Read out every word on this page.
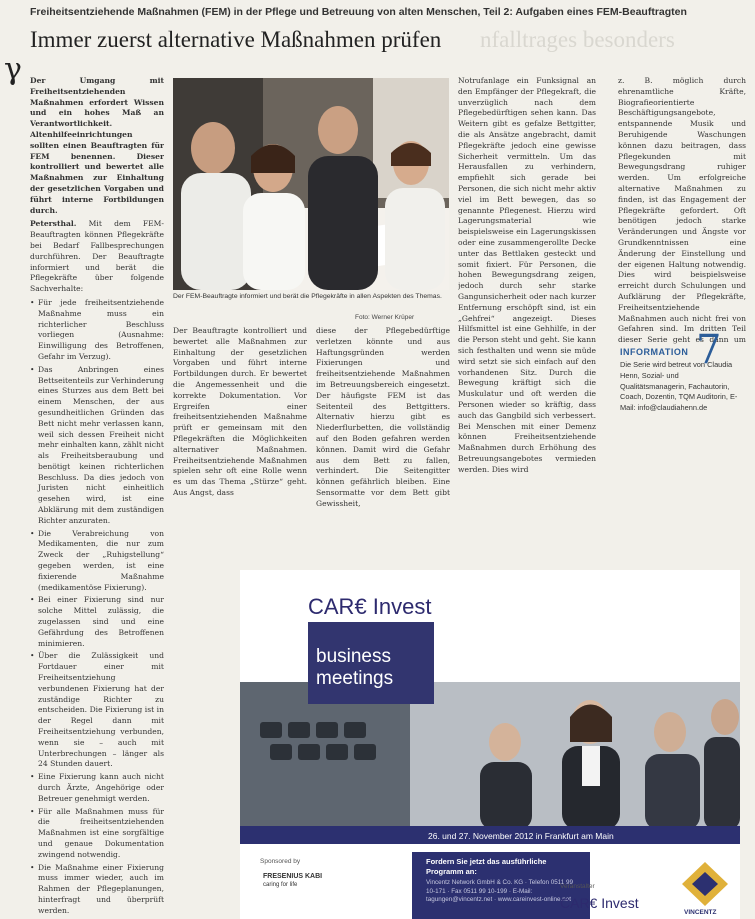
Freiheitsentziehende Maßnahmen (FEM) in der Pflege und Betreuung von alten Menschen, Teil 2: Aufgaben eines FEM-Beauftragten
Immer zuerst alternative Maßnahmen prüfen nfalltrages besonders
γ Der Umgang mit Freiheitsentziehenden Maßnahmen erfordert Wissen und ein hohes Maß an Verantwortlichkeit. Altenhilfeeinrichtungen sollten einen Beauftragten für FEM benennen. Dieser kontrolliert und bewertet alle Maßnahmen zur Einhaltung der gesetzlichen Vorgaben und führt interne Fortbildungen durch.

Petersthal. Mit dem FEM-Beauftragten können Pflegekräfte bei Bedarf Fallbesprechungen durchführen. Der Beauftragte informiert und berät die Pflegekräfte über folgende Sachverhalte:

• Für jede freiheitsentziehende Maßnahme muss ein richterlicher Beschluss vorliegen (Ausnahme: Einwilligung des Betroffenen, Gefahr im Verzug).
• Das Anbringen eines Bettseitenteils zur Verhinderung eines Sturzes aus dem Bett bei einem Menschen, der aus gesundheitlichen Gründen das Bett nicht mehr verlassen kann, weil sich dessen Freiheit nicht mehr einhalten kann, zählt nicht als Freiheitsberaubung und benötigt keinen richterlichen Beschluss. Da dies jedoch von Juristen nicht einheitlich gesehen wird, ist eine Abklärung mit dem zuständigen Richter anzuraten.
• Die Verabreichung von Medikamenten, die nur zum Zweck der „Ruhigstellung“ gegeben werden, ist eine fixierende Maßnahme (medikamentöse Fixierung).
• Bei einer Fixierung sind nur solche Mittel zulässig, die zugelassen sind und eine Gefährdung des Betroffenen minimieren.
• Über die Zulässigkeit und Fortdauer einer mit Freiheitsentziehung verbundenen Fixierung hat der zuständige Richter zu entscheiden. Die Fixierung ist in der Regel dann mit Freiheitsentziehung verbunden, wenn sie – auch mit Unterbrechungen – länger als 24 Stunden dauert.
• Eine Fixierung kann auch nicht durch Ärzte, Angehörige oder Betreuer genehmigt werden.
• Für alle Maßnahmen muss für die freiheitsentziehenden Maßnahmen ist eine sorgfältige und genaue Dokumentation zwingend notwendig.
• Die Maßnahme einer Fixierung muss immer wieder, auch im Rahmen der Pflegeplanungen, hinterfragt und überprüft werden.
Der FEM-Beauftragte informiert und berät die Pflegekräfte in allen Aspekten des Themas.
Foto: Werner Krüper
Der Beauftragte kontrolliert und bewertet alle Maßnahmen zur Einhaltung der gesetzlichen Vorgaben und führt interne Fortbildungen durch. Er bewertet die Angemessenheit und die korrekte Dokumentation. Vor Ergreifen einer freiheitsentziehenden Maßnahme prüft er gemeinsam mit den Pflegekräften die Möglichkeiten alternativer Maßnahmen. Freiheitsentziehende Maßnahmen spielen sehr oft eine Rolle wenn es um das Thema „Stürze“ geht. Aus Angst, dass
diese der Pflegebedürftige verletzen könnte und aus Haftungsgründen werden Fixierungen und freiheitsentziehende Maßnahmen im Betreuungsbereich eingesetzt. Der häufigste FEM ist das Seitenteil des Bettgitters. Alternativ hierzu gibt es Niederflurbetten, die vollständig auf den Boden gefahren werden können. Damit wird die Gefahr aus dem Bett zu fallen, verhindert. Die Seitengitter können gefährlich bleiben. Eine Sensormatte vor dem Bett gibt Gewissheit,
Notrufanlage ein Funksignal an den Empfänger der Pflegekraft, die unverzüglich nach dem Pflegebedürftigen sehen kann. Das Weitern gibt es gefalze Bettgitter, die als Ansätze angebracht, damit Pflegekräfte jedoch eine gewisse Sicherheit vermitteln. Um das Herausfallen zu verhindern, empfiehlt sich gerade bei Personen, die sich nicht mehr aktiv viel im Bett bewegen, das so genannte Pflegenest. Hierzu wird Lagerungsmaterial wie beispielsweise ein Lagerungskissen oder eine zusammengerollte Decke unter das Bettlaken gesteckt und somit fixiert. Für Personen, die hohen Bewegungsdrang zeigen, jedoch durch sehr starke Gangunsicherheit oder nach kurzer Entfernung erschöpft sind, ist ein „Gehfrei“ angezeigt. Dieses Hilfsmittel ist eine Gehhilfe, in der die Person steht und geht. Sie kann sich festhalten und wenn sie müde wird setzt sie sich einfach auf den vorhandenen Sitz. Durch die Bewegung kräftigt sich die Muskulatur und oft werden die Personen wieder so kräftig, dass auch das Gangbild sich verbessert. Bei Menschen mit einer Demenz können Freiheitsentziehende Maßnahmen durch Erhöhung des Betreuungsangebotes vermieden werden. Dies wird
z. B. möglich durch ehrenamtliche Kräfte, Biografieorientierte Beschäftigungsangebote, entspannende Musik und Beruhigende Waschungen können dazu beitragen, dass Pflegekunden mit Bewegungsdrang ruhiger werden. Um erfolgreiche alternative Maßnahmen zu finden, ist das Engagement der Pflegekräfte gefordert. Oft benötigen jedoch starke Veränderungen und Ängste vor Grundkenntnissen eine Änderung der Einstellung und der eigenen Haltung notwendig. Dies wird beispielsweise erreicht durch Schulungen und Aufklärung der Pflegekräfte, Freiheitsentziehende Maßnahmen auch nicht frei von Gefahren sind. Im dritten Teil dieser Serie geht es dann um
7
INFORMATION
Die Serie wird betreut von Claudia Henn, Sozial- und Qualitätsmanagerin, Fachautorin, Coach, Dozentin, TQM Auditorin, E-Mail: info@claudiahenn.de
CAR€ Invest
business
meetings
26. und 27. November 2012 in Frankfurt am Main
Sponsored by
FRESENIUS KABI
caring for life
Fordern Sie jetzt das ausführliche Programm an:
Vincentz Network GmbH & Co. KG · Telefon 0511 99 10-171 · Fax 0511 99 10-199 · E-Mail: tagungen@vincentz.net · www.careinvest-online.net
Veranstalter
CAR€ Invest
VINCENTZ
